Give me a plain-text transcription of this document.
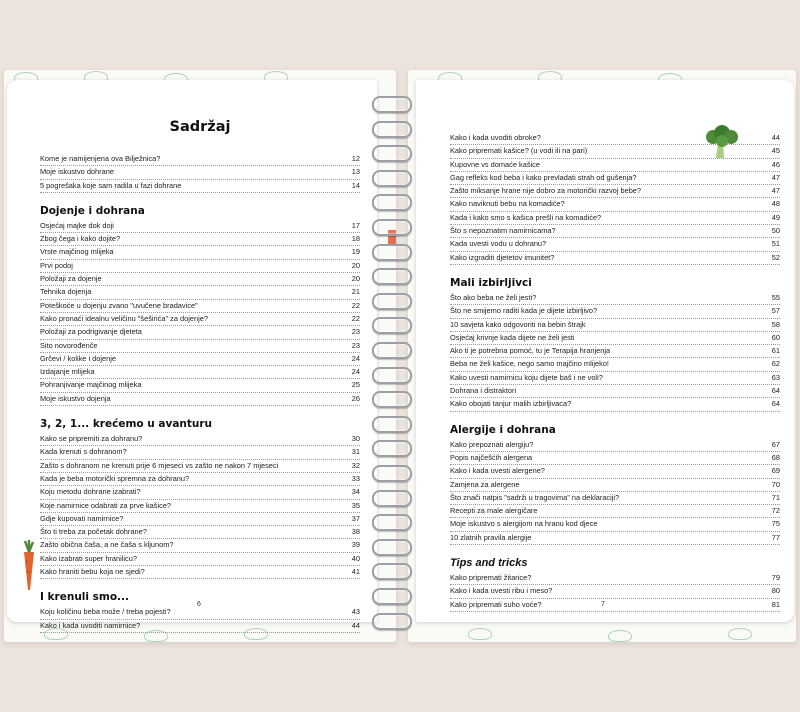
Sadržaj
Kome je namijenjena ova Bilježnica?	12
Moje iskustvo dohrane	13
5 pogrešaka koje sam radila u fazi dohrane	14
Dojenje i dohrana
Osjećaj majke dok doji	17
Zbog čega i kako dojite?	18
Vrste majčinog mlijeka	19
Prvi podoj	20
Položaji za dojenje	20
Tehnika dojenja	21
Poteškoće u dojenju zvano "uvučene bradavice"	22
Kako pronaći idealnu veličinu "šeširića" za dojenje?	22
Položaji za podrigivanje djeteta	23
Sito novorođenče	23
Grčevi / kolike i dojenje	24
Izdajanje mlijeka	24
Pohranjivanje majčinog mlijeka	25
Moje iskustvo dojenja	26
3, 2, 1... krećemo u avanturu
Kako se pripremiti za dohranu?	30
Kada krenuti s dohranom?	31
Zašto s dohranom ne krenuti prije 6 mjeseci vs zašto ne nakon 7 mjeseci	32
Kada je beba motorički spremna za dohranu?	33
Koju metodu dohrane izabrati?	34
Koje namirnice odabrati za prve kašice?	35
Gdje kupovati namirnice?	37
Što ti treba za početak dohrane?	38
Zašto obična čaša, a ne čaša s kljunom?	39
Kako izabrati super hranilicu?	40
Kako hraniti bebu koja ne sjedi?	41
I krenuli smo...
Koju količinu beba može / treba pojesti?	43
Kako i kada uvoditi namirnice?	44
6
Kako i kada uvoditi obroke?	44
Kako pripremati kašice? (u vodi ili na pari)	45
Kupovne vs domaće kašice	46
Gag refleks kod beba i kako prevladati strah od gušenja?	47
Zašto miksanje hrane nije dobro za motorički razvoj bebe?	47
Kako naviknuti bebu na komadiće?	48
Kada i kako smo s kašica prešli na komadiće?	49
Što s nepoznatim namirnicama?	50
Kada uvesti vodu u dohranu?	51
Kako izgraditi djetetov imunitet?	52
Mali izbirljivci
Što ako beba ne želi jesti?	55
Što ne smijemo raditi kada je dijete izbirljivo?	57
10 savjeta kako odgovoriti na bebin štrajk	58
Osjećaj krivnje kada dijete ne želi jesti	60
Ako ti je potrebna pomoć, tu je Terapija hranjenja	61
Beba ne želi kašice, nego samo majčino mlijeko!	62
Kako uvesti namirnicu koju dijete baš i ne voli?	63
Dohrana i distraktori	64
Kako obojati tanjur malih izbirljivaca?	64
Alergije i dohrana
Kako prepoznati alergiju?	67
Popis najčešćih alergena	68
Kako i kada uvesti alergene?	69
Zamjena za alergene	70
Što znači natpis "sadrži u tragovima" na deklaraciji?	71
Recepti za male alergičare	72
Moje iskustvo s alergijom na hranu kod djece	75
10 zlatnih pravila alergije	77
Tips and tricks
Kako pripremati žitarice?	79
Kako i kada uvesti ribu i meso?	80
Kako pripremati suho voće?	81
7
